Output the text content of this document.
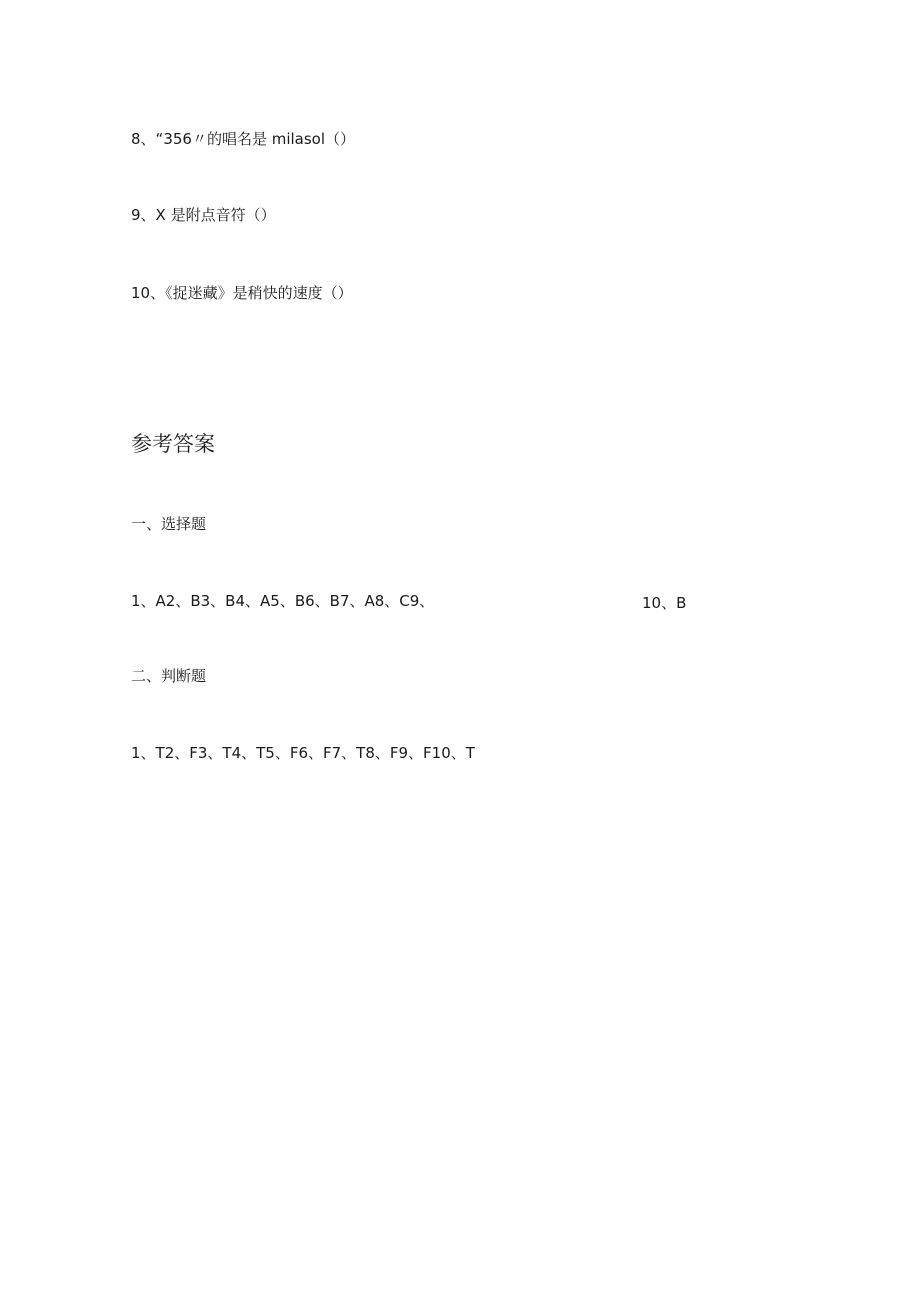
8、“356〃的唱名是 milasol（）
9、X 是附点音符（）
10、《捉迷藏》是稍快的速度（）
参考答案
一、选择题
1、A2、B3、B4、A5、B6、B7、A8、C9、	10、B
二、判断题
1、T2、F3、T4、T5、F6、F7、T8、F9、F10、T
